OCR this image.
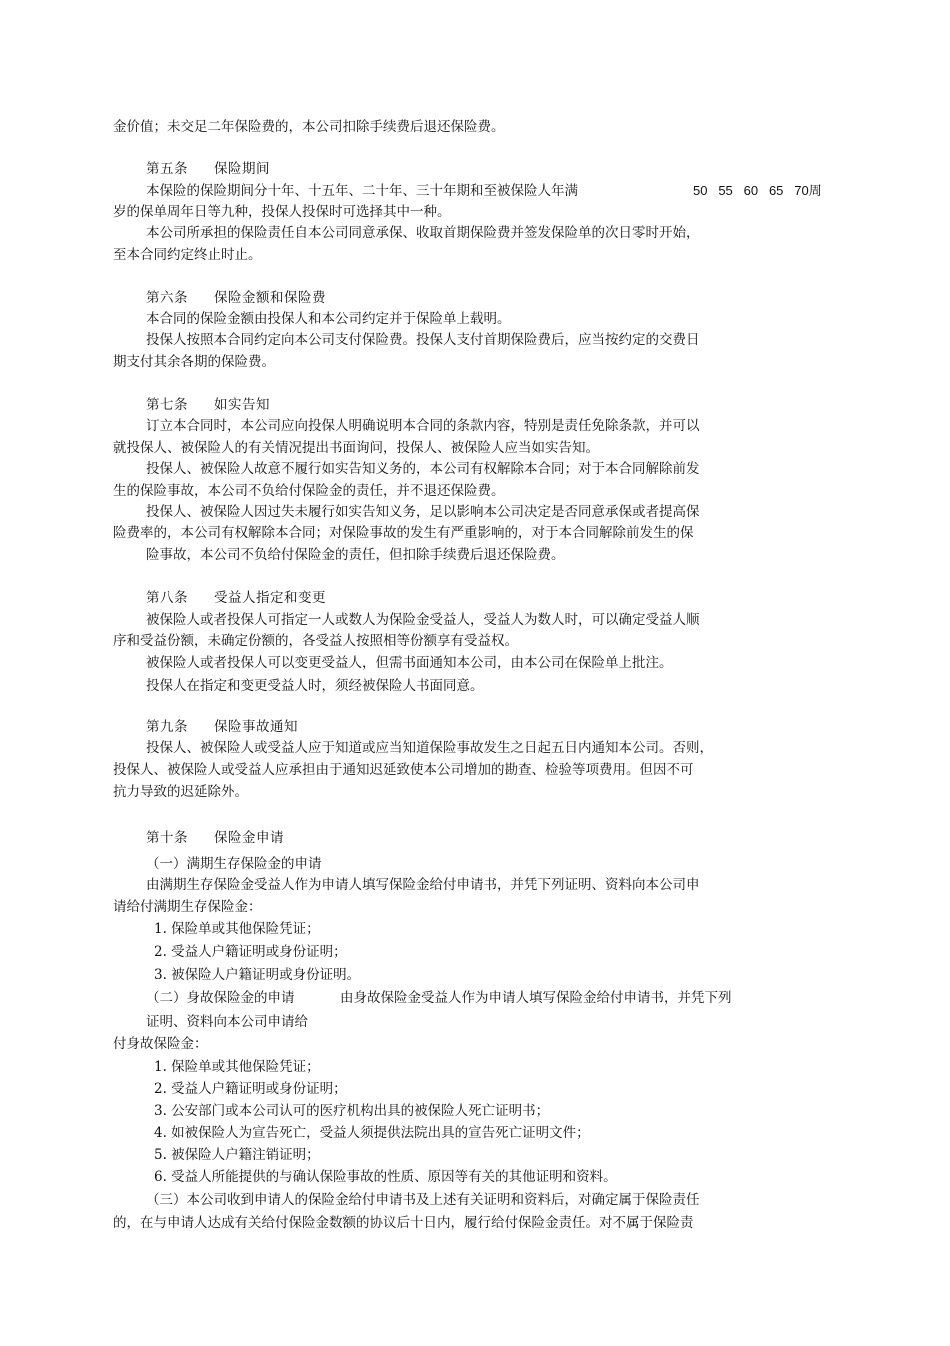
金价值；未交足二年保险费的，本公司扣除手续费后退还保险费。
第五条 保险期间
本保险的保险期间分十年、十五年、二十年、三十年期和至被保险人年满	50 55 60 65 70周
岁的保单周年日等九种，投保人投保时可选择其中一种。
本公司所承担的保险责任自本公司同意承保、收取首期保险费并签发保险单的次日零时开始，
至本合同约定终止时止。
第六条 保险金额和保险费
本合同的保险金额由投保人和本公司约定并于保险单上载明。
投保人按照本合同约定向本公司支付保险费。投保人支付首期保险费后，应当按约定的交费日
期支付其余各期的保险费。
第七条 如实告知
订立本合同时，本公司应向投保人明确说明本合同的条款内容，特别是责任免除条款，并可以
就投保人、被保险人的有关情况提出书面询问，投保人、被保险人应当如实告知。
投保人、被保险人故意不履行如实告知义务的，本公司有权解除本合同；对于本合同解除前发
生的保险事故，本公司不负给付保险金的责任，并不退还保险费。
投保人、被保险人因过失未履行如实告知义务，足以影响本公司决定是否同意承保或者提高保
险费率的，本公司有权解除本合同；对保险事故的发生有严重影响的，对于本合同解除前发生的保
险事故，本公司不负给付保险金的责任，但扣除手续费后退还保险费。
第八条 受益人指定和变更
被保险人或者投保人可指定一人或数人为保险金受益人，受益人为数人时，可以确定受益人顺
序和受益份额，未确定份额的，各受益人按照相等份额享有受益权。
被保险人或者投保人可以变更受益人，但需书面通知本公司，由本公司在保险单上批注。
投保人在指定和变更受益人时，须经被保险人书面同意。
第九条 保险事故通知
投保人、被保险人或受益人应于知道或应当知道保险事故发生之日起五日内通知本公司。否则，
投保人、被保险人或受益人应承担由于通知迟延致使本公司增加的勘查、检验等项费用。但因不可
抗力导致的迟延除外。
第十条 保险金申请
（一）满期生存保险金的申请
由满期生存保险金受益人作为申请人填写保险金给付申请书，并凭下列证明、资料向本公司申
请给付满期生存保险金：
1. 保险单或其他保险凭证；
2. 受益人户籍证明或身份证明；
3. 被保险人户籍证明或身份证明。
（二）身故保险金的申请	由身故保险金受益人作为申请人填写保险金给付申请书，并凭下列
证明、资料向本公司申请给
付身故保险金：
1. 保险单或其他保险凭证；
2. 受益人户籍证明或身份证明；
3. 公安部门或本公司认可的医疗机构出具的被保险人死亡证明书；
4. 如被保险人为宣告死亡，受益人须提供法院出具的宣告死亡证明文件；
5. 被保险人户籍注销证明；
6. 受益人所能提供的与确认保险事故的性质、原因等有关的其他证明和资料。
（三）本公司收到申请人的保险金给付申请书及上述有关证明和资料后，对确定属于保险责任
的，在与申请人达成有关给付保险金数额的协议后十日内，履行给付保险金责任。对不属于保险责
